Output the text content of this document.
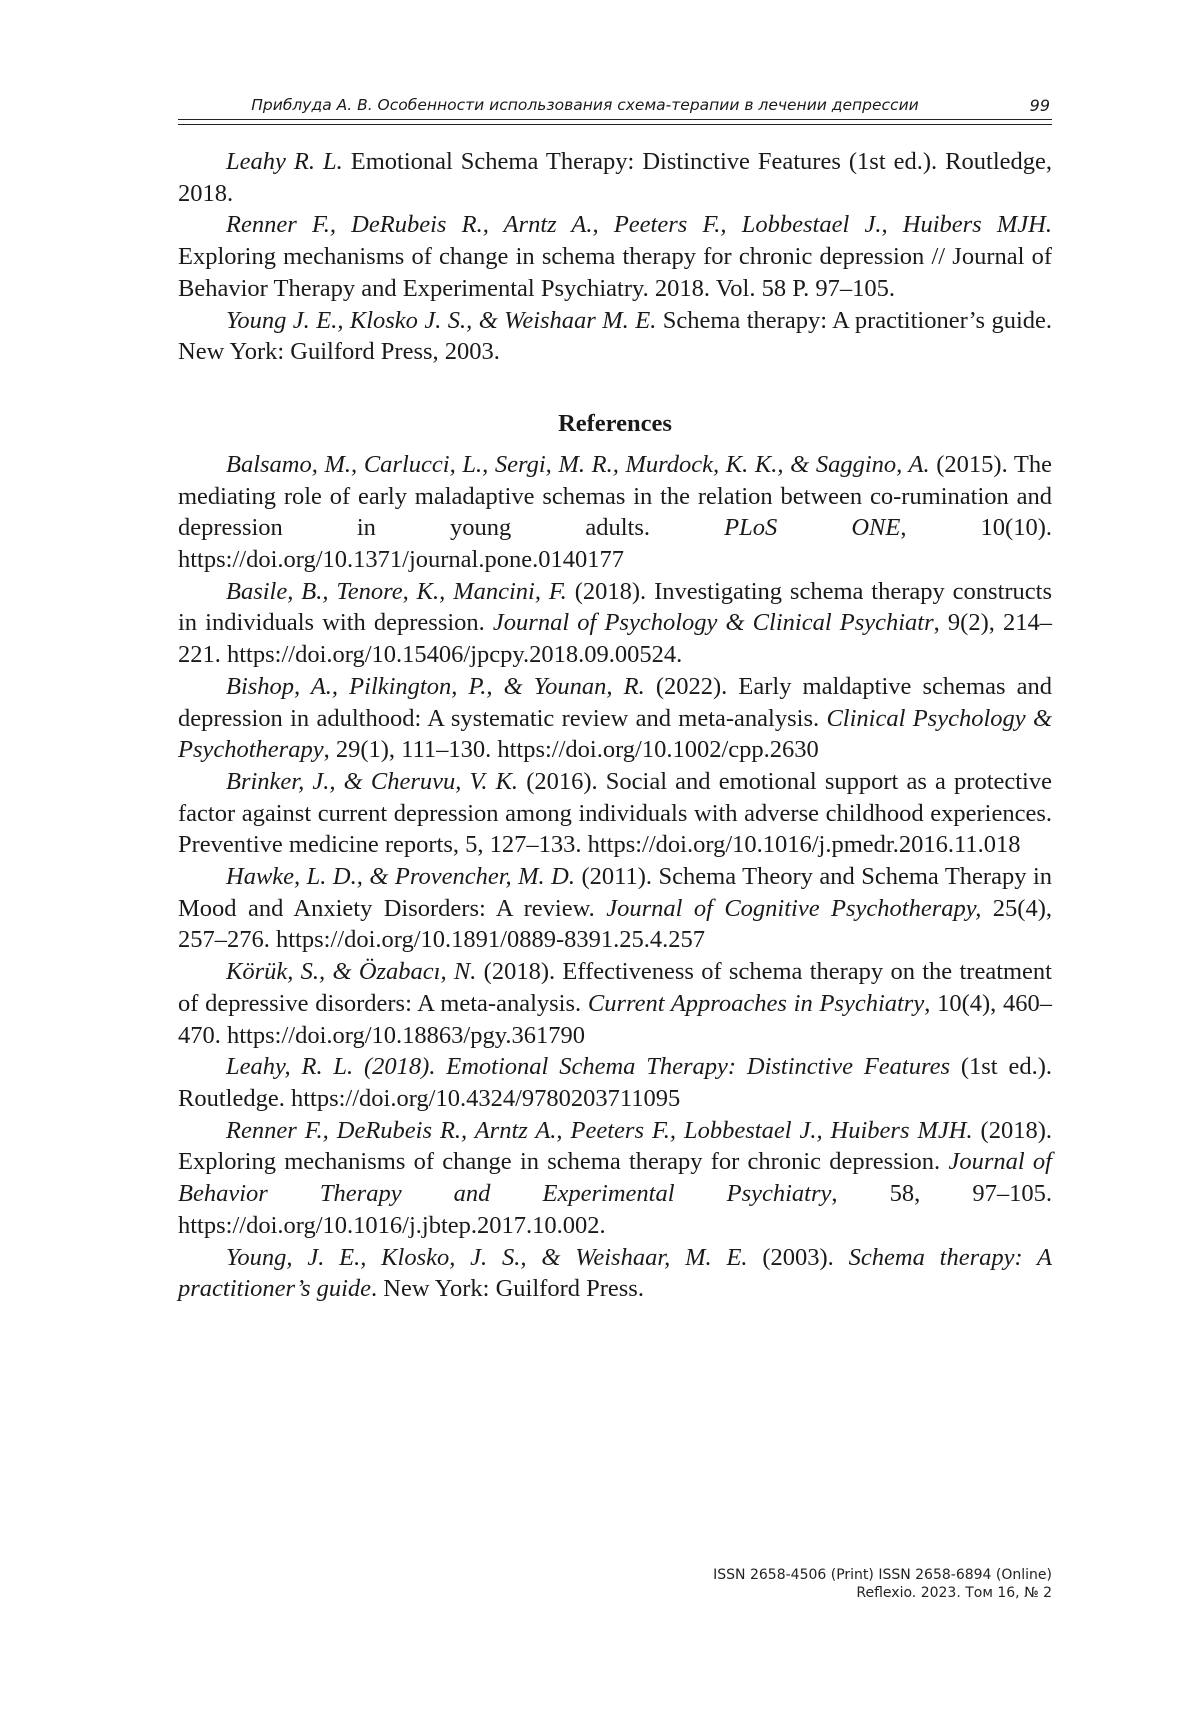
Приблуда А. В. Особенности использования схема-терапии в лечении депрессии	99

Leahy R. L. Emotional Schema Therapy: Distinctive Features (1st ed.). Routledge, 2018.

Renner F., DeRubeis R., Arntz A., Peeters F., Lobbestael J., Huibers MJH. Exploring mechanisms of change in schema therapy for chronic depression // Journal of Behavior Therapy and Experimental Psychiatry. 2018. Vol. 58 P. 97–105.

Young J. E., Klosko J. S., & Weishaar M. E. Schema therapy: A practitioner’s guide. New York: Guilford Press, 2003.

References

Balsamo, M., Carlucci, L., Sergi, M. R., Murdock, K. K., & Saggino, A. (2015). The mediating role of early maladaptive schemas in the relation between co-rumination and depression in young adults. PLoS ONE, 10(10). https://doi.org/10.1371/journal.pone.0140177

Basile, B., Tenore, K., Mancini, F. (2018). Investigating schema therapy constructs in individuals with depression. Journal of Psychology & Clinical Psychiatr, 9(2), 214–221. https://doi.org/10.15406/jpcpy.2018.09.00524.

Bishop, A., Pilkington, P., & Younan, R. (2022). Early maldaptive schemas and depression in adulthood: A systematic review and meta-analysis. Clinical Psychology & Psychotherapy, 29(1), 111–130. https://doi.org/10.1002/cpp.2630

Brinker, J., & Cheruvu, V. K. (2016). Social and emotional support as a protective factor against current depression among individuals with adverse childhood experiences. Preventive medicine reports, 5, 127–133. https://doi.org/10.1016/j.pmedr.2016.11.018

Hawke, L. D., & Provencher, M. D. (2011). Schema Theory and Schema Therapy in Mood and Anxiety Disorders: A review. Journal of Cognitive Psychotherapy, 25(4), 257–276. https://doi.org/10.1891/0889-8391.25.4.257

Körük, S., & Özabacı, N. (2018). Effectiveness of schema therapy on the treatment of depressive disorders: A meta-analysis. Current Approaches in Psychiatry, 10(4), 460–470. https://doi.org/10.18863/pgy.361790

Leahy, R. L. (2018). Emotional Schema Therapy: Distinctive Features (1st ed.). Routledge. https://doi.org/10.4324/9780203711095

Renner F., DeRubeis R., Arntz A., Peeters F., Lobbestael J., Huibers MJH. (2018). Exploring mechanisms of change in schema therapy for chronic depression. Journal of Behavior Therapy and Experimental Psychiatry, 58, 97–105. https://doi.org/10.1016/j.jbtep.2017.10.002.

Young, J. E., Klosko, J. S., & Weishaar, M. E. (2003). Schema therapy: A practitioner’s guide. New York: Guilford Press.

ISSN 2658-4506 (Print) ISSN 2658-6894 (Online)
Reflexio. 2023. Том 16, № 2
